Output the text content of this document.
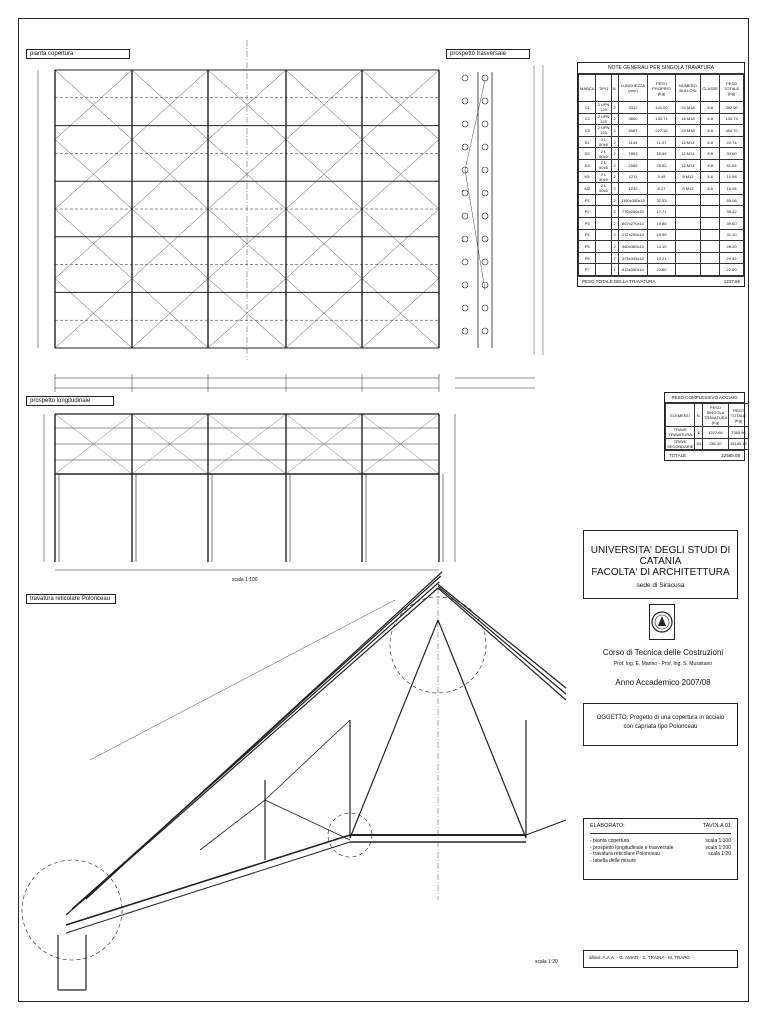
pianta copertura	prospetto trasversale
prospetto longitudinale
travatura reticolare Polonceau
scala 1:100
scala 1:20
NOTE GENERALI PER SINGOLA TRAVATURA
MARCA	TIPO	N.	LUNGHEZZA (mm)	PESO PROPRIO (Kg)	NUMERO BULLONI	CLASSE	PESO TOTALE (Kg)
C1	2 UPN 120	2	5312	141.00	24 M18	8.8	282.00
C2	2 UPN 120	2	3600	133.74	16 M18	8.8	133.74
C3	2 UPN 120	2	8587	227.15	24 M18	8.8	454.70
D1	2 L 50x5	2	1144	11.37	12 M14	8.8	22.74
D2	2 L 50x5	2	1893	16.95	12 M14	8.8	33.90
D3	2 L 50x5	2	2586	25.82	12 M14	8.8	51.64
M1	2 L 50x5	2	1211	5.49	8 M12	8.8	10.98
M2	2 L 50x5	2	1232	8.27	8 M12	8.8	16.54
P1		2	1190x350x10	32.53			65.06
P2		2	770x250x10	17.71			35.42
P3		2	807x270x10	19.86			39.60
P4		2	237x250x10	15.55			31.10
P5		2	460x360x10	14.10			28.20
P6		2	378x345x10	10.21			20.42
P7		1	815x350x10	22.60			22.60
PESO TOTALE DELLA TRAVATURA	1227.66
PESO COMPLESSIVO ACCIAIO
ELEMENTI	N.	PESO SINGOLA TRAVATURA (Kg)	PESO TOTALE (Kg)
TRAVE TRAVATURA	6	1227.66	7365.96
TRAVE SECONDARIE	54	281.20	15183.12
TOTALE	22565.08
UNIVERSITA' DEGLI STUDI DI CATANIA
FACOLTA' DI ARCHITETTURA
sede di Siracusa
Corso di Tecnica delle Costruzioni
Prof. Ing. E. Marino - Prof. Ing. S. Mussitano
Anno Accademico 2007/08
OGGETTO: Progetto di una copertura in acciaio
con capriata tipo Polonceau
ELABORATO:	TAVOLA 01
- pianta copertura	scala 1:100
- prospetto longitudinale e trasversale	scala 1:100
- travatura reticolare Polonceau	scala 1:20
- tabella delle misure
allievi: A.A.A. - G. AMATI - S. TRAINA - M. TRAPO
